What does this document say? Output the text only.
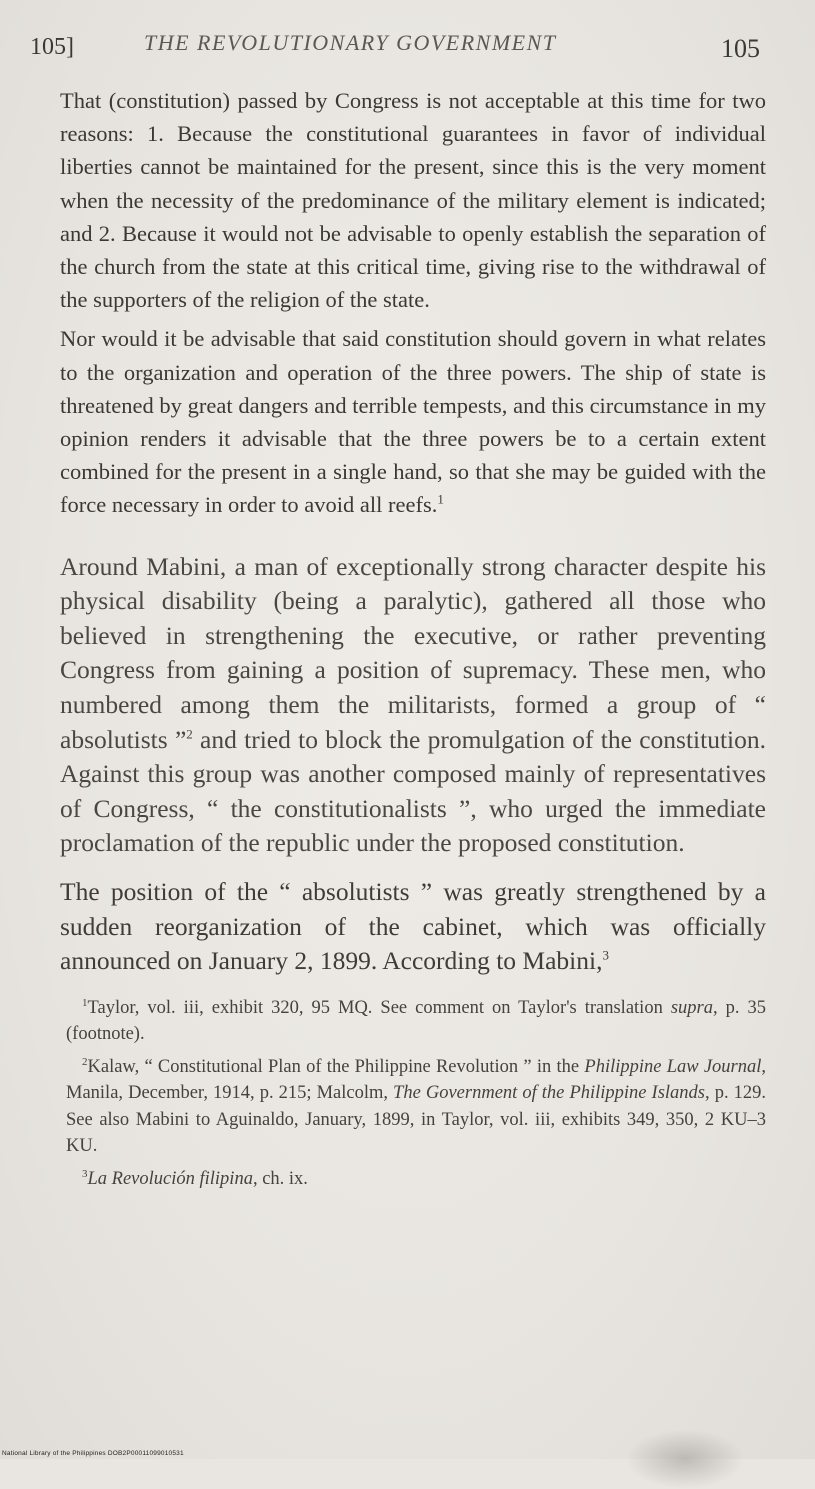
105]	THE REVOLUTIONARY GOVERNMENT	105

That (constitution) passed by Congress is not acceptable at this time for two reasons: 1. Because the constitutional guarantees in favor of individual liberties cannot be maintained for the present, since this is the very moment when the necessity of the predominance of the military element is indicated; and 2. Because it would not be advisable to openly establish the separation of the church from the state at this critical time, giving rise to the withdrawal of the supporters of the religion of the state.

Nor would it be advisable that said constitution should govern in what relates to the organization and operation of the three powers. The ship of state is threatened by great dangers and terrible tempests, and this circumstance in my opinion renders it advisable that the three powers be to a certain extent combined for the present in a single hand, so that she may be guided with the force necessary in order to avoid all reefs.$^1$

Around Mabini, a man of exceptionally strong character despite his physical disability (being a paralytic), gathered all those who believed in strengthening the executive, or rather preventing Congress from gaining a position of supremacy. These men, who numbered among them the militarists, formed a group of “ absolutists ”$^2$ and tried to block the promulgation of the constitution. Against this group was another composed mainly of representatives of Congress, “ the constitutionalists ”, who urged the immediate proclamation of the republic under the proposed constitution.

The position of the “ absolutists ” was greatly strengthened by a sudden reorganization of the cabinet, which was officially announced on January 2, 1899. According to Mabini,$^3$

$^1$Taylor, vol. iii, exhibit 320, 95 MQ. See comment on Taylor's translation supra, p. 35 (footnote).

$^2$Kalaw, “ Constitutional Plan of the Philippine Revolution ” in the Philippine Law Journal, Manila, December, 1914, p. 215; Malcolm, The Government of the Philippine Islands, p. 129. See also Mabini to Aguinaldo, January, 1899, in Taylor, vol. iii, exhibits 349, 350, 2 KU–3 KU.

$^3$La Revolución filipina, ch. ix.

National Library of the Philippines DOB2P00011099010531
